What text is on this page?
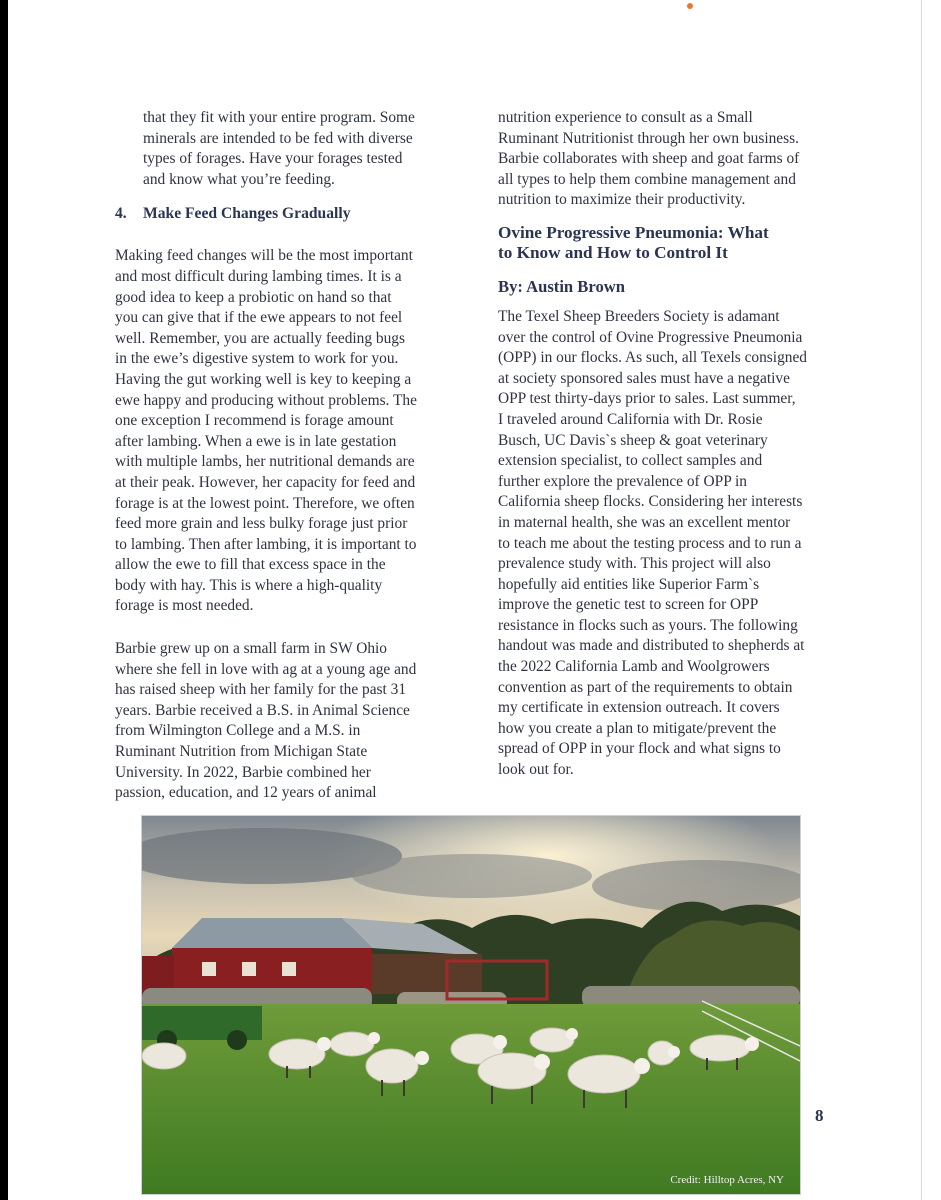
that they fit with your entire program. Some

minerals are intended to be fed with diverse

types of forages. Have your forages tested

and know what you’re feeding.

4.	Make Feed Changes Gradually

Making feed changes will be the most important

and most difficult during lambing times. It is a

good idea to keep a probiotic on hand so that

you can give that if the ewe appears to not feel

well. Remember, you are actually feeding bugs

in the ewe’s digestive system to work for you.

Having the gut working well is key to keeping a

ewe happy and producing without problems. The

one exception I recommend is forage amount

after lambing. When a ewe is in late gestation

with multiple lambs, her nutritional demands are

at their peak. However, her capacity for feed and

forage is at the lowest point. Therefore, we often

feed more grain and less bulky forage just prior

to lambing. Then after lambing, it is important to

allow the ewe to fill that excess space in the

body with hay. This is where a high-quality

forage is most needed.

Barbie grew up on a small farm in SW Ohio

where she fell in love with ag at a young age and

has raised sheep with her family for the past 31

years. Barbie received a B.S. in Animal Science

from Wilmington College and a M.S. in

Ruminant Nutrition from Michigan State

University. In 2022, Barbie combined her

passion, education, and 12 years of animal

nutrition experience to consult as a Small

Ruminant Nutritionist through her own business.

Barbie collaborates with sheep and goat farms of

all types to help them combine management and

nutrition to maximize their productivity.

Ovine Progressive Pneumonia: What
to Know and How to Control It
By: Austin Brown

The Texel Sheep Breeders Society is adamant

over the control of Ovine Progressive Pneumonia

(OPP) in our flocks. As such, all Texels consigned

at society sponsored sales must have a negative

OPP test thirty-days prior to sales. Last summer,

I traveled around California with Dr. Rosie

Busch, UC Davis`s sheep & goat veterinary

extension specialist, to collect samples and

further explore the prevalence of OPP in

California sheep flocks. Considering her interests

in maternal health, she was an excellent mentor

to teach me about the testing process and to run a

prevalence study with. This project will also

hopefully aid entities like Superior Farm`s

improve the genetic test to screen for OPP

resistance in flocks such as yours. The following

handout was made and distributed to shepherds at

the 2022 California Lamb and Woolgrowers

convention as part of the requirements to obtain

my certificate in extension outreach. It covers

how you create a plan to mitigate/prevent the

spread of OPP in your flock and what signs to

look out for.

Credit: Hilltop Acres, NY
8
